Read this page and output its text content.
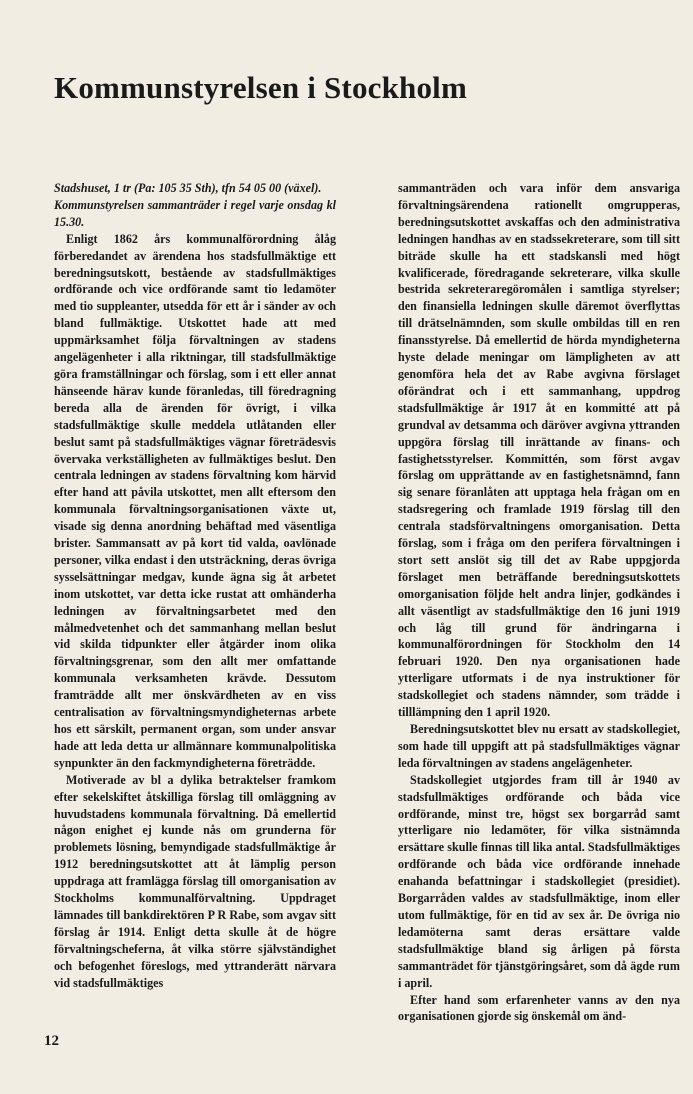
Kommunstyrelsen i Stockholm

Stadshuset, 1 tr (Pa: 105 35 Sth), tfn 54 05 00 (växel).

Kommunstyrelsen sammanträder i regel varje onsdag kl 15.30.

Enligt 1862 års kommunalförordning ålåg förberedandet av ärendena hos stadsfullmäktige ett beredningsutskott, bestående av stadsfullmäktiges ordförande och vice ordförande samt tio ledamöter med tio suppleanter, utsedda för ett år i sänder av och bland fullmäktige. Utskottet hade att med uppmärksamhet följa förvaltningen av stadens angelägenheter i alla riktningar, till stadsfullmäktige göra framställningar och förslag, som i ett eller annat hänseende härav kunde föranledas, till föredragning bereda alla de ärenden för övrigt, i vilka stadsfullmäktige skulle meddela utlåtanden eller beslut samt på stadsfullmäktiges vägnar företrädesvis övervaka verkställigheten av fullmäktiges beslut. Den centrala ledningen av stadens förvaltning kom härvid efter hand att påvila utskottet, men allt eftersom den kommunala förvaltningsorganisationen växte ut, visade sig denna anordning behäftad med väsentliga brister. Sammansatt av på kort tid valda, oavlönade personer, vilka endast i den utsträckning, deras övriga sysselsättningar medgav, kunde ägna sig åt arbetet inom utskottet, var detta icke rustat att omhänderha ledningen av förvaltningsarbetet med den målmedvetenhet och det sammanhang mellan beslut vid skilda tidpunkter eller åtgärder inom olika förvaltningsgrenar, som den allt mer omfattande kommunala verksamheten krävde. Dessutom framträdde allt mer önskvärdheten av en viss centralisation av förvaltningsmyndigheternas arbete hos ett särskilt, permanent organ, som under ansvar hade att leda detta ur allmännare kommunalpolitiska synpunkter än den fackmyndigheterna företrädde.

Motiverade av bl a dylika betraktelser framkom efter sekelskiftet åtskilliga förslag till omläggning av huvudstadens kommunala förvaltning. Då emellertid någon enighet ej kunde nås om grunderna för problemets lösning, bemyndigade stadsfullmäktige år 1912 beredningsutskottet att åt lämplig person uppdraga att framlägga förslag till omorganisation av Stockholms kommunalförvaltning. Uppdraget lämnades till bankdirektören P R Rabe, som avgav sitt förslag år 1914. Enligt detta skulle åt de högre förvaltningscheferna, åt vilka större självständighet och befogenhet föreslogs, med yttranderätt närvara vid stadsfullmäktiges

sammanträden och vara inför dem ansvariga förvaltningsärendena rationellt omgrupperas, beredningsutskottet avskaffas och den administrativa ledningen handhas av en stadssekreterare, som till sitt biträde skulle ha ett stadskansli med högt kvalificerade, föredragande sekreterare, vilka skulle bestrida sekreteraregöromålen i samtliga styrelser; den finansiella ledningen skulle däremot överflyttas till drätselnämnden, som skulle ombildas till en ren finansstyrelse. Då emellertid de hörda myndigheterna hyste delade meningar om lämpligheten av att genomföra hela det av Rabe avgivna förslaget oförändrat och i ett sammanhang, uppdrog stadsfullmäktige år 1917 åt en kommitté att på grundval av detsamma och däröver avgivna yttranden uppgöra förslag till inrättande av finans- och fastighetsstyrelser. Kommittén, som först avgav förslag om upprättande av en fastighetsnämnd, fann sig senare föranlåten att upptaga hela frågan om en stadsregering och framlade 1919 förslag till den centrala stadsförvaltningens omorganisation. Detta förslag, som i fråga om den perifera förvaltningen i stort sett anslöt sig till det av Rabe uppgjorda förslaget men beträffande beredningsutskottets omorganisation följde helt andra linjer, godkändes i allt väsentligt av stadsfullmäktige den 16 juni 1919 och låg till grund för ändringarna i kommunalförordningen för Stockholm den 14 februari 1920. Den nya organisationen hade ytterligare utformats i de nya instruktioner för stadskollegiet och stadens nämnder, som trädde i tilllämpning den 1 april 1920.

Beredningsutskottet blev nu ersatt av stadskollegiet, som hade till uppgift att på stadsfullmäktiges vägnar leda förvaltningen av stadens angelägenheter.

Stadskollegiet utgjordes fram till år 1940 av stadsfullmäktiges ordförande och båda vice ordförande, minst tre, högst sex borgarråd samt ytterligare nio ledamöter, för vilka sistnämnda ersättare skulle finnas till lika antal. Stadsfullmäktiges ordförande och båda vice ordförande innehade enahanda befattningar i stadskollegiet (presidiet). Borgarråden valdes av stadsfullmäktige, inom eller utom fullmäktige, för en tid av sex år. De övriga nio ledamöterna samt deras ersättare valde stadsfullmäktige bland sig årligen på första sammanträdet för tjänstgöringsåret, som då ägde rum i april.

Efter hand som erfarenheter vanns av den nya organisationen gjorde sig önskemål om änd-

12
